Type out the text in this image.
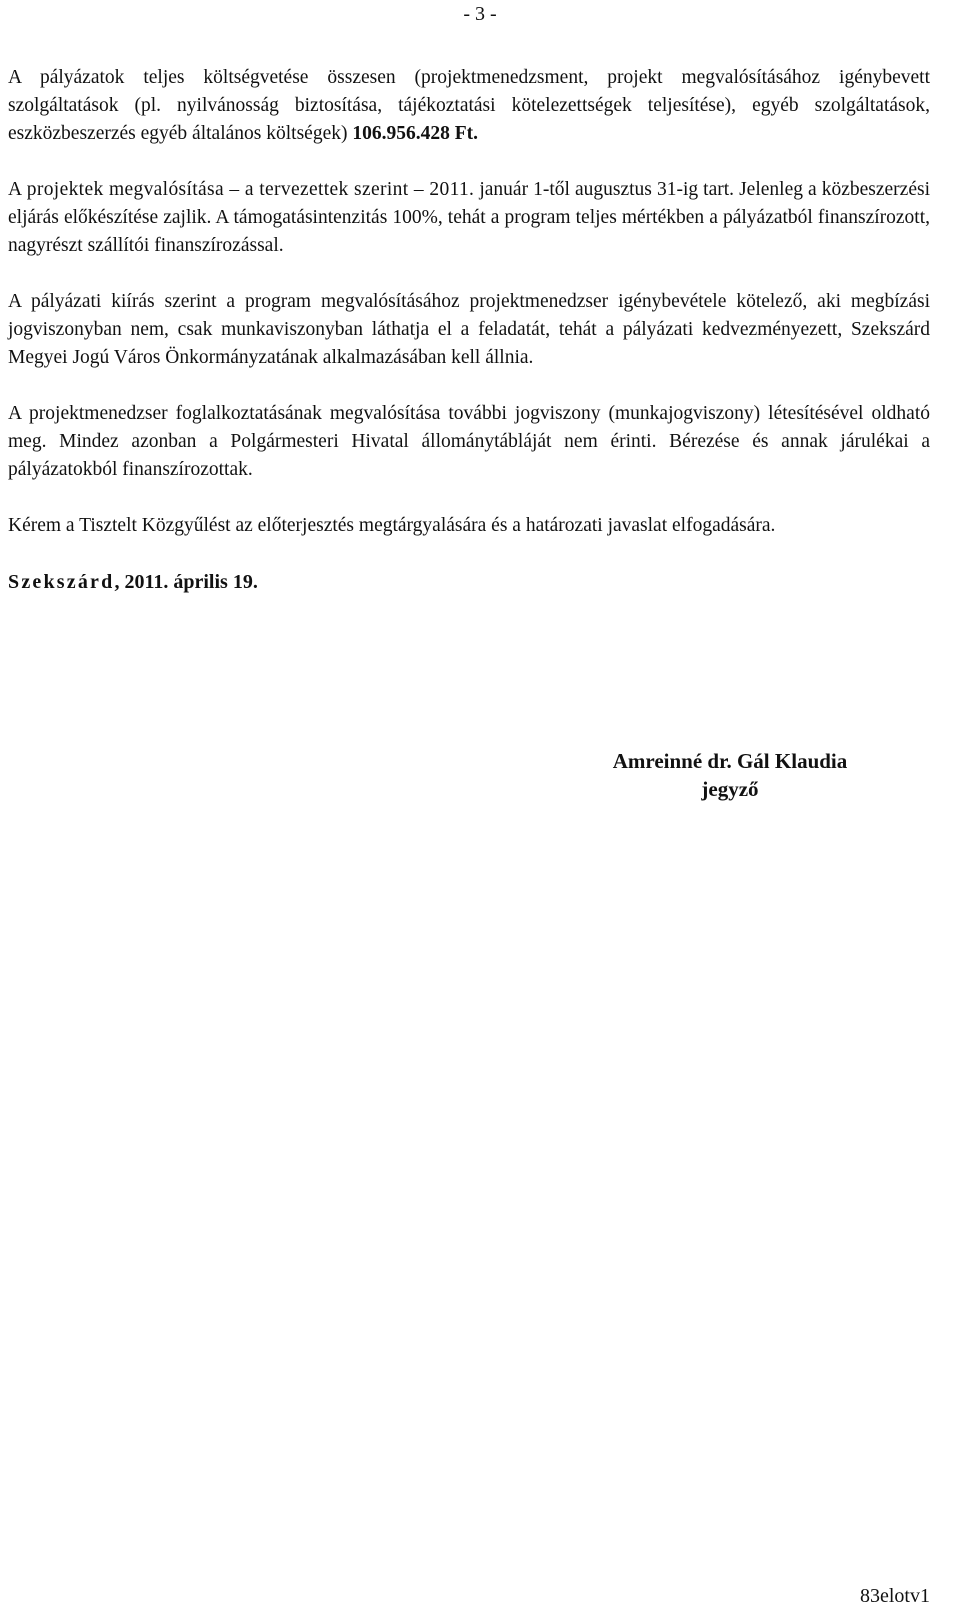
- 3 -

A pályázatok teljes költségvetése összesen (projektmenedzsment, projekt megvalósításához igénybevett szolgáltatások (pl. nyilvánosság biztosítása, tájékoztatási kötelezettségek teljesítése), egyéb szolgáltatások, eszközbeszerzés egyéb általános költségek) 106.956.428 Ft.

A projektek megvalósítása – a tervezettek szerint – 2011. január 1-től augusztus 31-ig tart. Jelenleg a közbeszerzési eljárás előkészítése zajlik. A támogatásintenzitás 100%, tehát a program teljes mértékben a pályázatból finanszírozott, nagyrészt szállítói finanszírozással.

A pályázati kiírás szerint a program megvalósításához projektmenedzser igénybevétele kötelező, aki megbízási jogviszonyban nem, csak munkaviszonyban láthatja el a feladatát, tehát a pályázati kedvezményezett, Szekszárd Megyei Jogú Város Önkormányzatának alkalmazásában kell állnia.

A projektmenedzser foglalkoztatásának megvalósítása további jogviszony (munkajogviszony) létesítésével oldható meg. Mindez azonban a Polgármesteri Hivatal állománytábláját nem érinti. Bérezése és annak járulékai a pályázatokból finanszírozottak.

Kérem a Tisztelt Közgyűlést az előterjesztés megtárgyalására és a határozati javaslat elfogadására.

Szekszárd, 2011. április 19.

Amreinné dr. Gál Klaudia
jegyző
83elotv1
